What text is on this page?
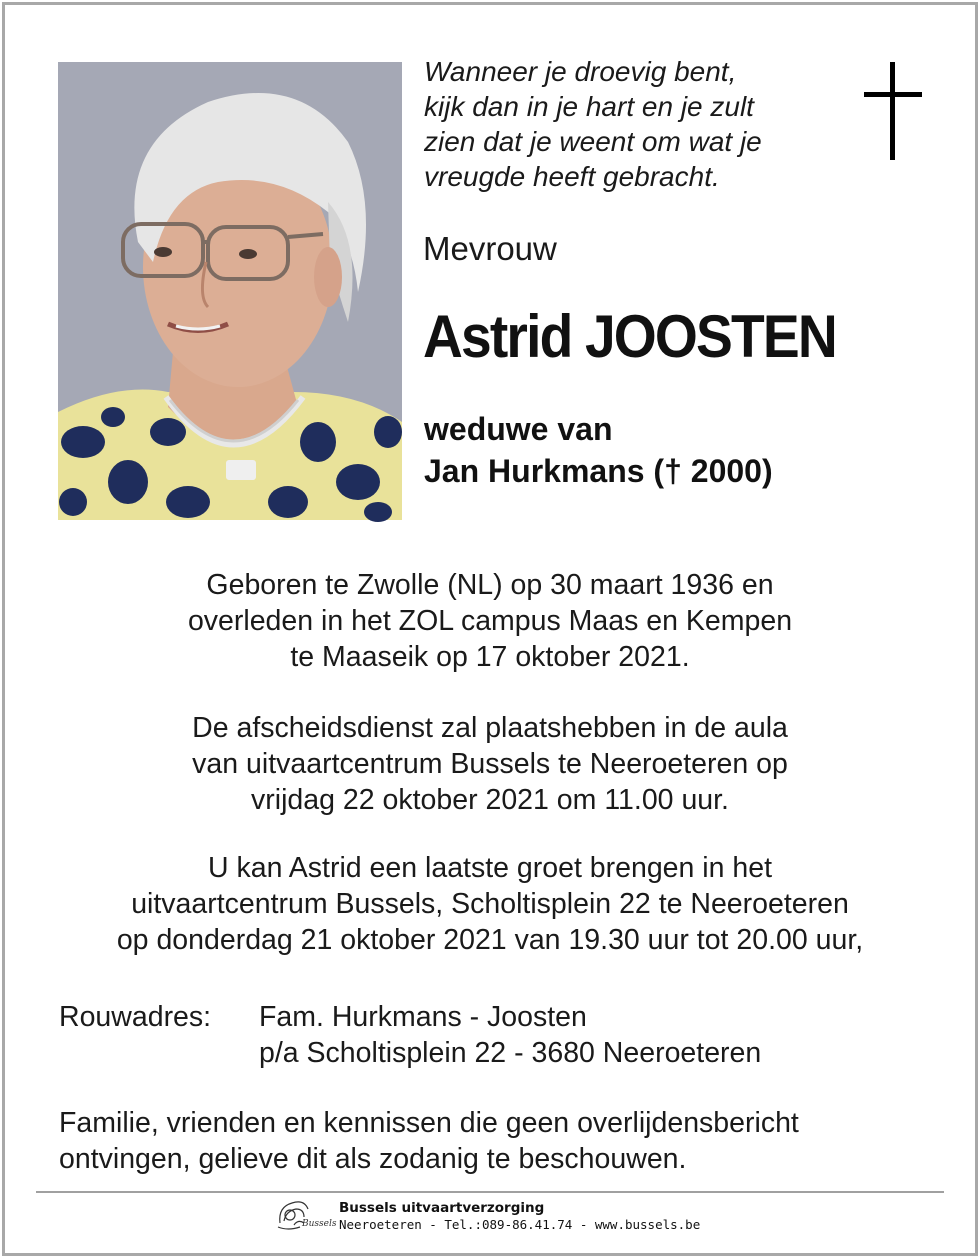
Wanneer je droevig bent,
kijk dan in je hart en je zult
zien dat je weent om wat je
vreugde heeft gebracht.
Mevrouw
Astrid JOOSTEN
weduwe van
Jan Hurkmans († 2000)
Geboren te Zwolle (NL) op 30 maart 1936 en
overleden in het ZOL campus Maas en Kempen
te Maaseik op 17 oktober 2021.
De afscheidsdienst zal plaatshebben in de aula
van uitvaartcentrum Bussels te Neeroeteren op
vrijdag 22 oktober 2021 om 11.00 uur.
U kan Astrid een laatste groet brengen in het
uitvaartcentrum Bussels, Scholtisplein 22 te Neeroeteren
op donderdag 21 oktober 2021 van 19.30 uur tot 20.00 uur,
Rouwadres: Fam. Hurkmans - Joosten
p/a Scholtisplein 22 - 3680 Neeroeteren
Familie, vrienden en kennissen die geen overlijdensbericht
ontvingen, gelieve dit als zodanig te beschouwen.
Bussels
Bussels uitvaartverzorging
Neeroeteren - Tel.:089-86.41.74 - www.bussels.be
